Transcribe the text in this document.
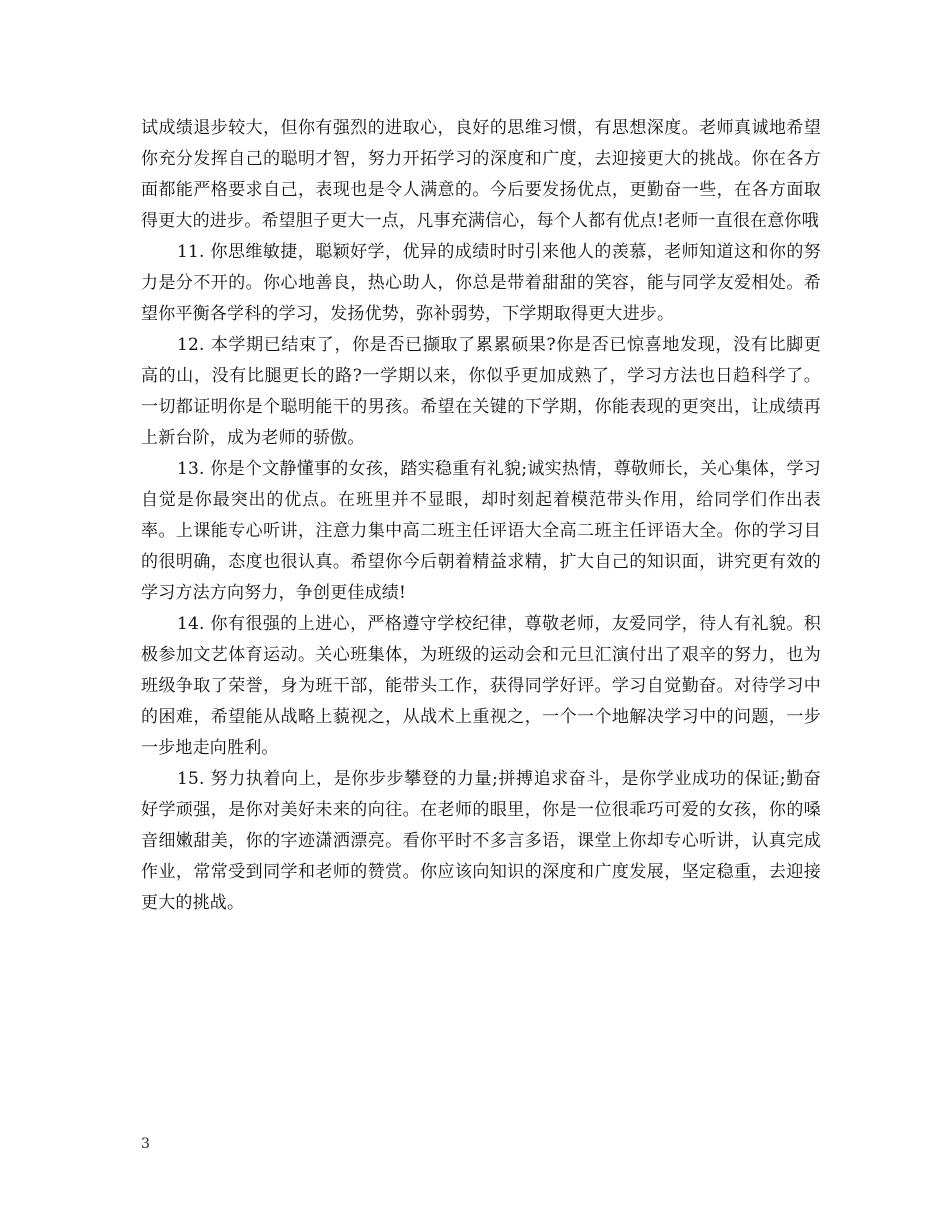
试成绩退步较大，但你有强烈的进取心，良好的思维习惯，有思想深度。老师真诚地希望你充分发挥自己的聪明才智，努力开拓学习的深度和广度，去迎接更大的挑战。你在各方面都能严格要求自己，表现也是令人满意的。今后要发扬优点，更勤奋一些，在各方面取得更大的进步。希望胆子更大一点，凡事充满信心，每个人都有优点!老师一直很在意你哦

11. 你思维敏捷，聪颖好学，优异的成绩时时引来他人的羡慕，老师知道这和你的努力是分不开的。你心地善良，热心助人，你总是带着甜甜的笑容，能与同学友爱相处。希望你平衡各学科的学习，发扬优势，弥补弱势，下学期取得更大进步。

12. 本学期已结束了，你是否已撷取了累累硕果?你是否已惊喜地发现，没有比脚更高的山，没有比腿更长的路?一学期以来，你似乎更加成熟了，学习方法也日趋科学了。一切都证明你是个聪明能干的男孩。希望在关键的下学期，你能表现的更突出，让成绩再上新台阶，成为老师的骄傲。

13. 你是个文静懂事的女孩，踏实稳重有礼貌;诚实热情，尊敬师长，关心集体，学习自觉是你最突出的优点。在班里并不显眼，却时刻起着模范带头作用，给同学们作出表率。上课能专心听讲，注意力集中高二班主任评语大全高二班主任评语大全。你的学习目的很明确，态度也很认真。希望你今后朝着精益求精，扩大自己的知识面，讲究更有效的学习方法方向努力，争创更佳成绩!

14. 你有很强的上进心，严格遵守学校纪律，尊敬老师，友爱同学，待人有礼貌。积极参加文艺体育运动。关心班集体，为班级的运动会和元旦汇演付出了艰辛的努力，也为班级争取了荣誉，身为班干部，能带头工作，获得同学好评。学习自觉勤奋。对待学习中的困难，希望能从战略上藐视之，从战术上重视之，一个一个地解决学习中的问题，一步一步地走向胜利。

15. 努力执着向上，是你步步攀登的力量;拼搏追求奋斗，是你学业成功的保证;勤奋好学顽强，是你对美好未来的向往。在老师的眼里，你是一位很乖巧可爱的女孩，你的嗓音细嫩甜美，你的字迹潇洒漂亮。看你平时不多言多语，课堂上你却专心听讲，认真完成作业，常常受到同学和老师的赞赏。你应该向知识的深度和广度发展，坚定稳重，去迎接更大的挑战。

3
